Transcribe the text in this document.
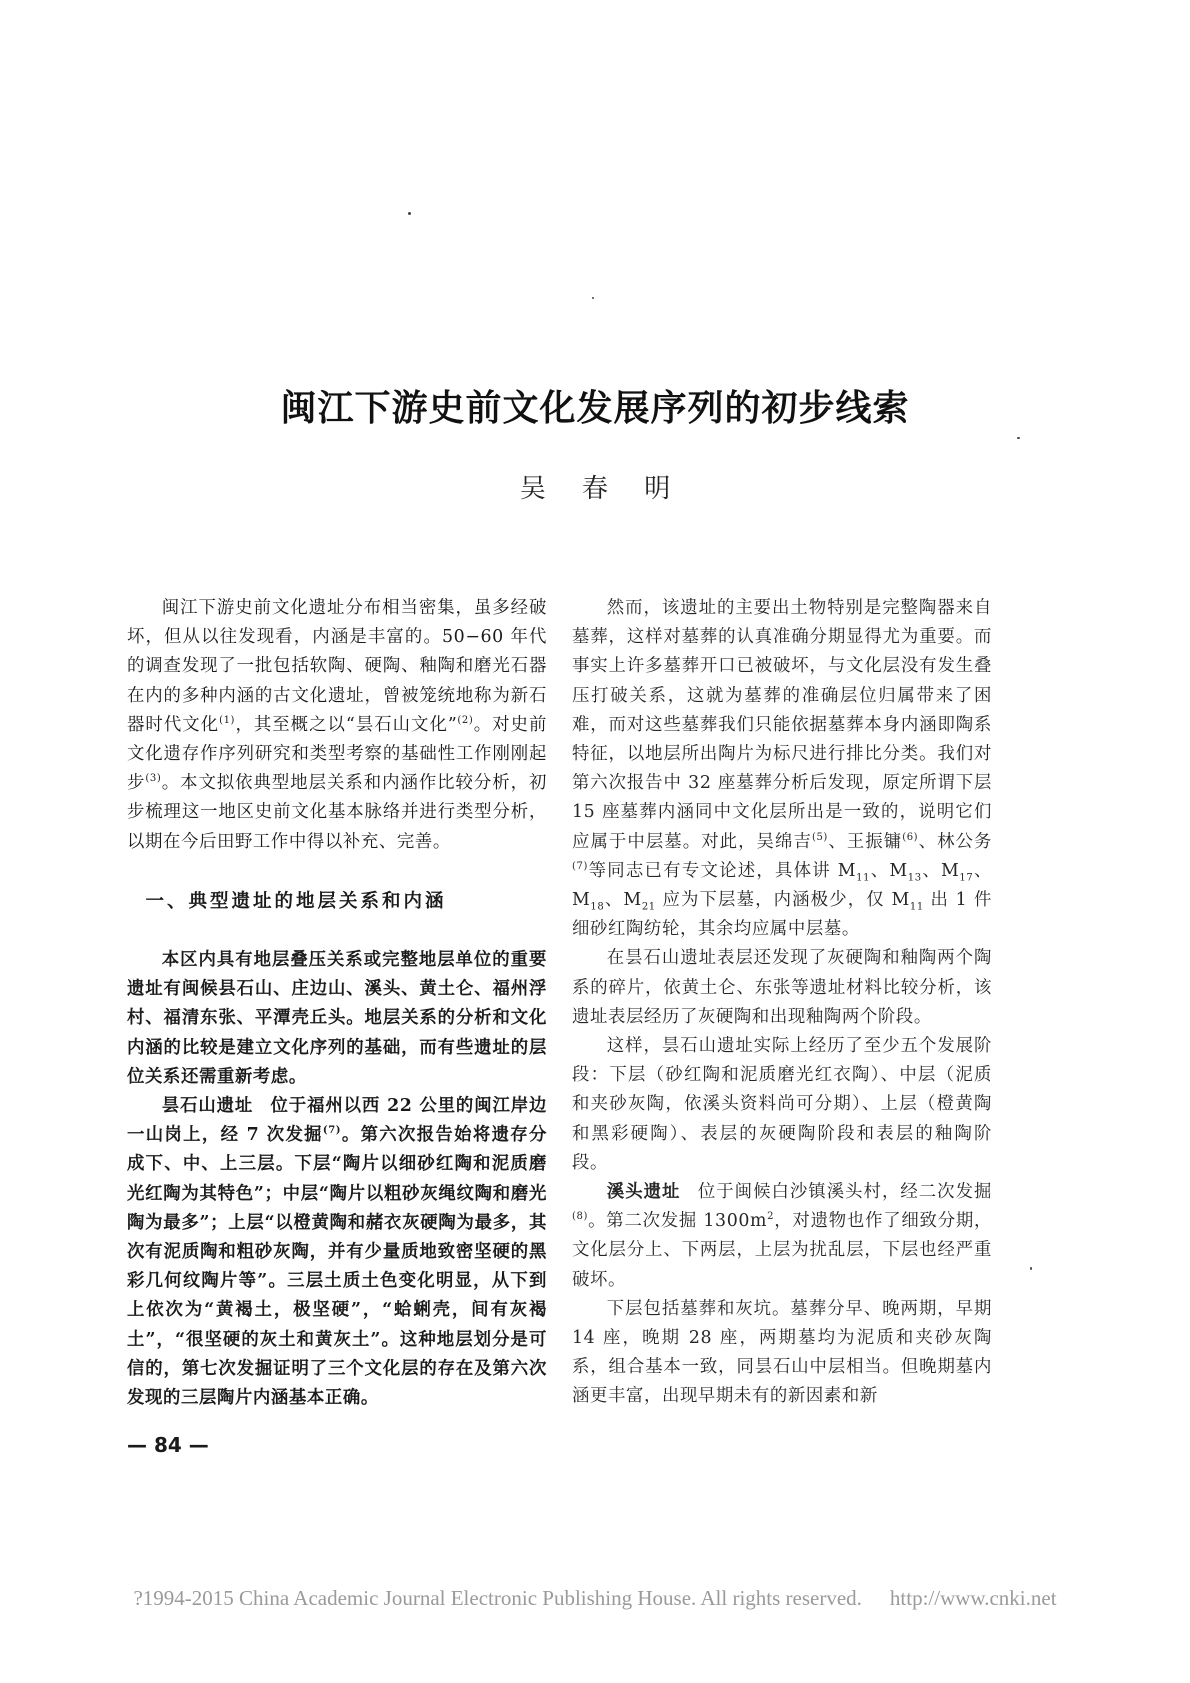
闽江下游史前文化发展序列的初步线索
吴 春 明

闽江下游史前文化遗址分布相当密集，虽多经破坏，但从以往发现看，内涵是丰富的。50−60 年代的调查发现了一批包括软陶、硬陶、釉陶和磨光石器在内的多种内涵的古文化遗址，曾被笼统地称为新石器时代文化$^{(1)}$，其至概之以“昙石山文化”$^{(2)}$。对史前文化遗存作序列研究和类型考察的基础性工作刚刚起步$^{(3)}$。本文拟依典型地层关系和内涵作比较分析，初步梳理这一地区史前文化基本脉络并进行类型分析，以期在今后田野工作中得以补充、完善。

一、典型遗址的地层关系和内涵

本区内具有地层叠压关系或完整地层单位的重要遗址有闽候县石山、庄边山、溪头、黄土仑、福州浮村、福清东张、平潭壳丘头。地层关系的分析和文化内涵的比较是建立文化序列的基础，而有些遗址的层位关系还需重新考虑。

昙石山遗址 位于福州以西 22 公里的闽江岸边一山岗上，经 7 次发掘$^{(7)}$。第六次报告始将遗存分成下、中、上三层。下层“陶片以细砂红陶和泥质磨光红陶为其特色”；中层“陶片以粗砂灰绳纹陶和磨光陶为最多”；上层“以橙黄陶和赭衣灰硬陶为最多，其次有泥质陶和粗砂灰陶，并有少量质地致密坚硬的黑彩几何纹陶片等”。三层土质土色变化明显，从下到上依次为“黄褐土，极坚硬”，“蛤蜊壳，间有灰褐土”，“很坚硬的灰土和黄灰土”。这种地层划分是可信的，第七次发掘证明了三个文化层的存在及第六次发现的三层陶片内涵基本正确。

然而，该遗址的主要出土物特别是完整陶器来自墓葬，这样对墓葬的认真准确分期显得尤为重要。而事实上许多墓葬开口已被破坏，与文化层没有发生叠压打破关系，这就为墓葬的准确层位归属带来了困难，而对这些墓葬我们只能依据墓葬本身内涵即陶系特征，以地层所出陶片为标尺进行排比分类。我们对第六次报告中 32 座墓葬分析后发现，原定所谓下层 15 座墓葬内涵同中文化层所出是一致的，说明它们应属于中层墓。对此，吴绵吉$^{(5)}$、王振镛$^{(6)}$、林公务$^{(7)}$等同志已有专文论述，具体讲 $M_{11}$、$M_{13}$、$M_{17}$、$M_{18}$、$M_{21}$ 应为下层墓，内涵极少，仅 $M_{11}$ 出 1 件细砂红陶纺轮，其余均应属中层墓。

在昙石山遗址表层还发现了灰硬陶和釉陶两个陶系的碎片，依黄土仑、东张等遗址材料比较分析，该遗址表层经历了灰硬陶和出现釉陶两个阶段。

这样，昙石山遗址实际上经历了至少五个发展阶段：下层（砂红陶和泥质磨光红衣陶）、中层（泥质和夹砂灰陶，依溪头资料尚可分期）、上层（橙黄陶和黑彩硬陶）、表层的灰硬陶阶段和表层的釉陶阶段。

溪头遗址 位于闽候白沙镇溪头村，经二次发掘$^{(8)}$。第二次发掘 $1300m^2$，对遗物也作了细致分期，文化层分上、下两层，上层为扰乱层，下层也经严重破坏。

下层包括墓葬和灰坑。墓葬分早、晚两期，早期 14 座，晚期 28 座，两期墓均为泥质和夹砂灰陶系，组合基本一致，同昙石山中层相当。但晚期墓内涵更丰富，出现早期未有的新因素和新

— 84 —
?1994-2015 China Academic Journal Electronic Publishing House. All rights reserved. http://www.cnki.net
